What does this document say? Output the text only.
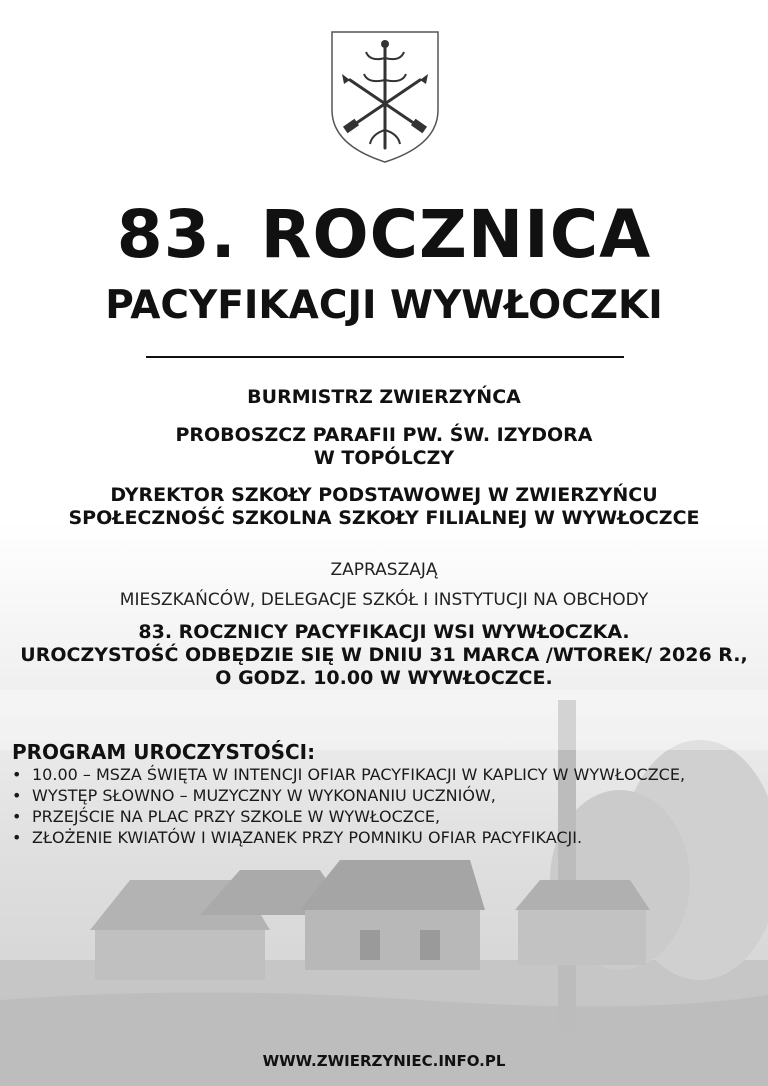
83. ROCZNICA
PACYFIKACJI WYWŁOCZKI

BURMISTRZ ZWIERZYŃCA

PROBOSZCZ PARAFII PW. ŚW. IZYDORA

W TOPÓLCZY

DYREKTOR SZKOŁY PODSTAWOWEJ W ZWIERZYŃCU

SPOŁECZNOŚĆ SZKOLNA SZKOŁY FILIALNEJ W WYWŁOCZCE

ZAPRASZAJĄ

MIESZKAŃCÓW, DELEGACJE SZKÓŁ I INSTYTUCJI NA OBCHODY

83. ROCZNICY PACYFIKACJI WSI WYWŁOCZKA.

UROCZYSTOŚĆ ODBĘDZIE SIĘ W DNIU 31 MARCA /WTOREK/ 2026 R.,

O GODZ. 10.00 W WYWŁOCZCE.

PROGRAM UROCZYSTOŚCI:
• 10.00 – MSZA ŚWIĘTA W INTENCJI OFIAR PACYFIKACJI W KAPLICY W WYWŁOCZCE,
• WYSTĘP SŁOWNO – MUZYCZNY W WYKONANIU UCZNIÓW,
• PRZEJŚCIE NA PLAC PRZY SZKOLE W WYWŁOCZCE,
• ZŁOŻENIE KWIATÓW I WIĄZANEK PRZY POMNIKU OFIAR PACYFIKACJI.

WWW.ZWIERZYNIEC.INFO.PL
